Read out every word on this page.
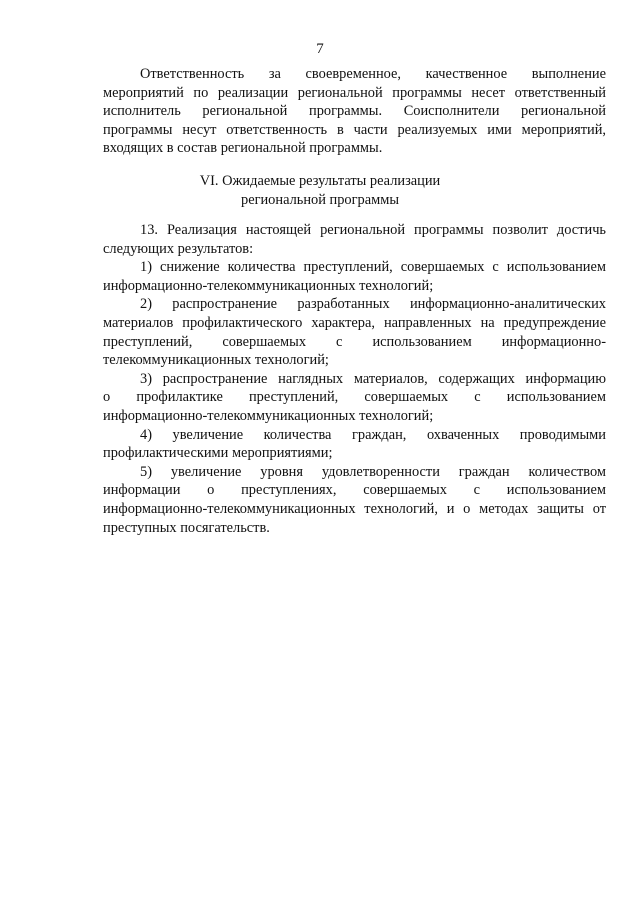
7
Ответственность за своевременное, качественное выполнение
мероприятий по реализации региональной программы несет ответственный
исполнитель региональной программы. Соисполнители региональной
программы несут ответственность в части реализуемых ими мероприятий,
входящих в состав региональной программы.
VI. Ожидаемые результаты реализации
региональной программы
13. Реализация настоящей региональной программы позволит достичь
следующих результатов:
1) снижение количества преступлений, совершаемых с использованием
информационно-телекоммуникационных технологий;
2) распространение разработанных информационно-аналитических
материалов профилактического характера, направленных на предупреждение
преступлений, совершаемых с использованием информационно-
телекоммуникационных технологий;
3) распространение наглядных материалов, содержащих информацию
о профилактике преступлений, совершаемых с использованием
информационно-телекоммуникационных технологий;
4) увеличение количества граждан, охваченных проводимыми
профилактическими мероприятиями;
5) увеличение уровня удовлетворенности граждан количеством
информации о преступлениях, совершаемых с использованием
информационно-телекоммуникационных технологий, и о методах защиты от
преступных посягательств.
